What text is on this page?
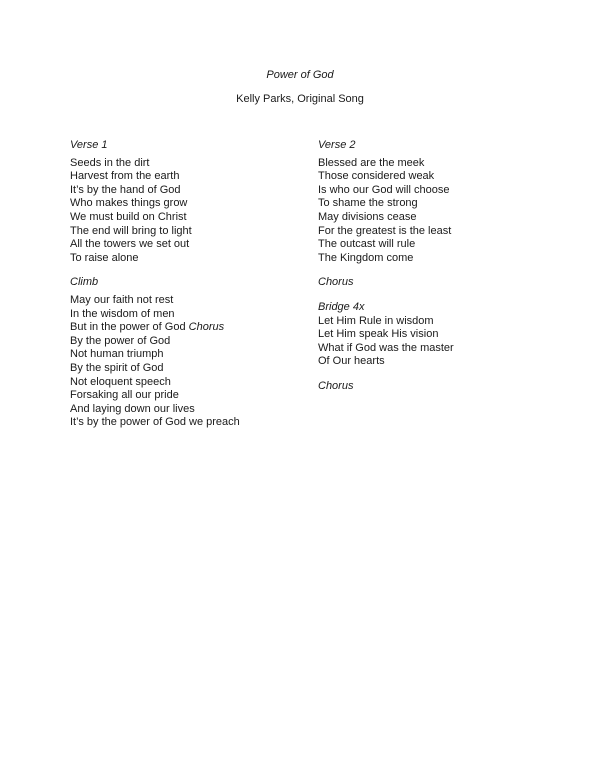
Power of God
Kelly Parks, Original Song
Verse 1
Seeds in the dirt
Harvest from the earth
It’s by the hand of God
Who makes things grow
We must build on Christ
The end will bring to light
All the towers we set out
To raise alone
Climb
May our faith not rest
In the wisdom of men
But in the power of God Chorus
By the power of God
Not human triumph
By the spirit of God
Not eloquent speech
Forsaking all our pride
And laying down our lives
It’s by the power of God we preach
Verse 2
Blessed are the meek
Those considered weak
Is who our God will choose
To shame the strong
May divisions cease
For the greatest is the least
The outcast will rule
The Kingdom come
Chorus
Bridge 4x
Let Him Rule in wisdom
Let Him speak His vision
What if God was the master
Of Our hearts
Chorus
